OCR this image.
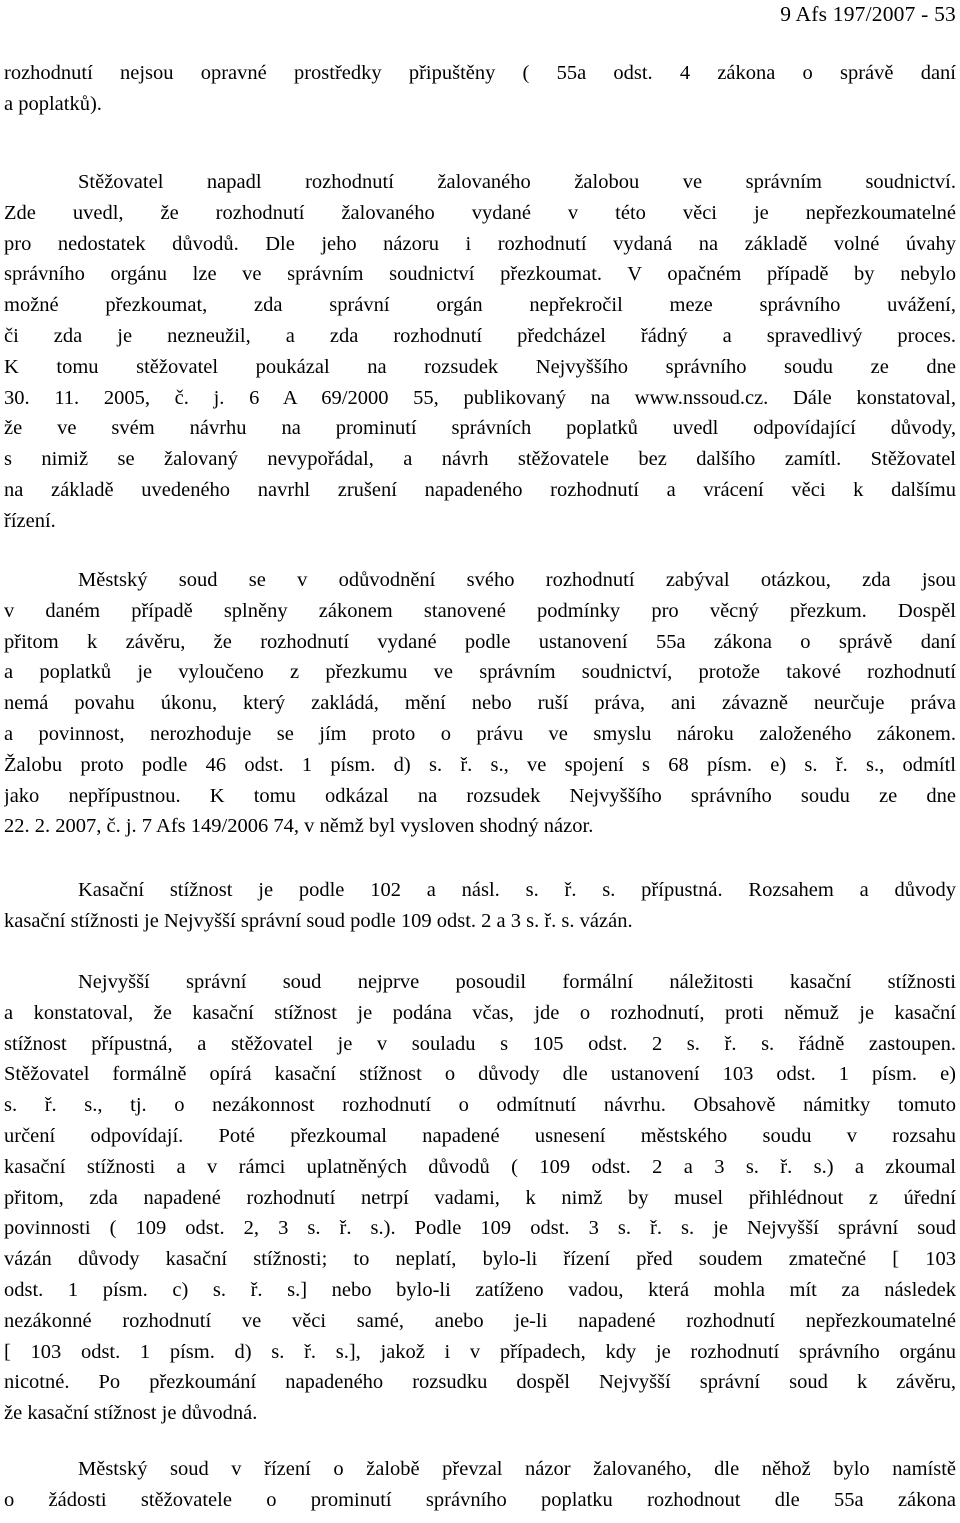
9 Afs 197/2007 - 53
rozhodnutí nejsou opravné prostředky připuštěny ( 55a odst. 4 zákona o správě daní
a poplatků).
Stěžovatel napadl rozhodnutí žalovaného žalobou ve správním soudnictví.
Zde uvedl, že rozhodnutí žalovaného vydané v této věci je nepřezkoumatelné
pro nedostatek důvodů. Dle jeho názoru i rozhodnutí vydaná na základě volné úvahy
správního orgánu lze ve správním soudnictví přezkoumat. V opačném případě by nebylo
možné přezkoumat, zda správní orgán nepřekročil meze správního uvážení,
či zda je nezneužil, a zda rozhodnutí předcházel řádný a spravedlivý proces.
K tomu stěžovatel poukázal na rozsudek Nejvyššího správního soudu ze dne
30. 11. 2005, č. j. 6 A 69/2000 55, publikovaný na www.nssoud.cz. Dále konstatoval,
že ve svém návrhu na prominutí správních poplatků uvedl odpovídající důvody,
s nimiž se žalovaný nevypořádal, a návrh stěžovatele bez dalšího zamítl. Stěžovatel
na základě uvedeného navrhl zrušení napadeného rozhodnutí a vrácení věci k dalšímu
řízení.
Městský soud se v odůvodnění svého rozhodnutí zabýval otázkou, zda jsou
v daném případě splněny zákonem stanovené podmínky pro věcný přezkum. Dospěl
přitom k závěru, že rozhodnutí vydané podle ustanovení 55a zákona o správě daní
a poplatků je vyloučeno z přezkumu ve správním soudnictví, protože takové rozhodnutí
nemá povahu úkonu, který zakládá, mění nebo ruší práva, ani závazně neurčuje práva
a povinnost, nerozhoduje se jím proto o právu ve smyslu nároku založeného zákonem.
Žalobu proto podle 46 odst. 1 písm. d) s. ř. s., ve spojení s 68 písm. e) s. ř. s., odmítl
jako nepřípustnou. K tomu odkázal na rozsudek Nejvyššího správního soudu ze dne
22. 2. 2007, č. j. 7 Afs 149/2006 74, v němž byl vysloven shodný názor.
Kasační stížnost je podle 102 a násl. s. ř. s. přípustná. Rozsahem a důvody
kasační stížnosti je Nejvyšší správní soud podle 109 odst. 2 a 3 s. ř. s. vázán.
Nejvyšší správní soud nejprve posoudil formální náležitosti kasační stížnosti
a konstatoval, že kasační stížnost je podána včas, jde o rozhodnutí, proti němuž je kasační
stížnost přípustná, a stěžovatel je v souladu s 105 odst. 2 s. ř. s. řádně zastoupen.
Stěžovatel formálně opírá kasační stížnost o důvody dle ustanovení 103 odst. 1 písm. e)
s. ř. s., tj. o nezákonnost rozhodnutí o odmítnutí návrhu. Obsahově námitky tomuto
určení odpovídají. Poté přezkoumal napadené usnesení městského soudu v rozsahu
kasační stížnosti a v rámci uplatněných důvodů ( 109 odst. 2 a 3 s. ř. s.) a zkoumal
přitom, zda napadené rozhodnutí netrpí vadami, k nimž by musel přihlédnout z úřední
povinnosti ( 109 odst. 2, 3 s. ř. s.). Podle 109 odst. 3 s. ř. s. je Nejvyšší správní soud
vázán důvody kasační stížnosti; to neplatí, bylo-li řízení před soudem zmatečné [ 103
odst. 1 písm. c) s. ř. s.] nebo bylo-li zatíženo vadou, která mohla mít za následek
nezákonné rozhodnutí ve věci samé, anebo je-li napadené rozhodnutí nepřezkoumatelné
[ 103 odst. 1 písm. d) s. ř. s.], jakož i v případech, kdy je rozhodnutí správního orgánu
nicotné. Po přezkoumání napadeného rozsudku dospěl Nejvyšší správní soud k závěru,
že kasační stížnost je důvodná.
Městský soud v řízení o žalobě převzal názor žalovaného, dle něhož bylo namístě
o žádosti stěžovatele o prominutí správního poplatku rozhodnout dle 55a zákona
